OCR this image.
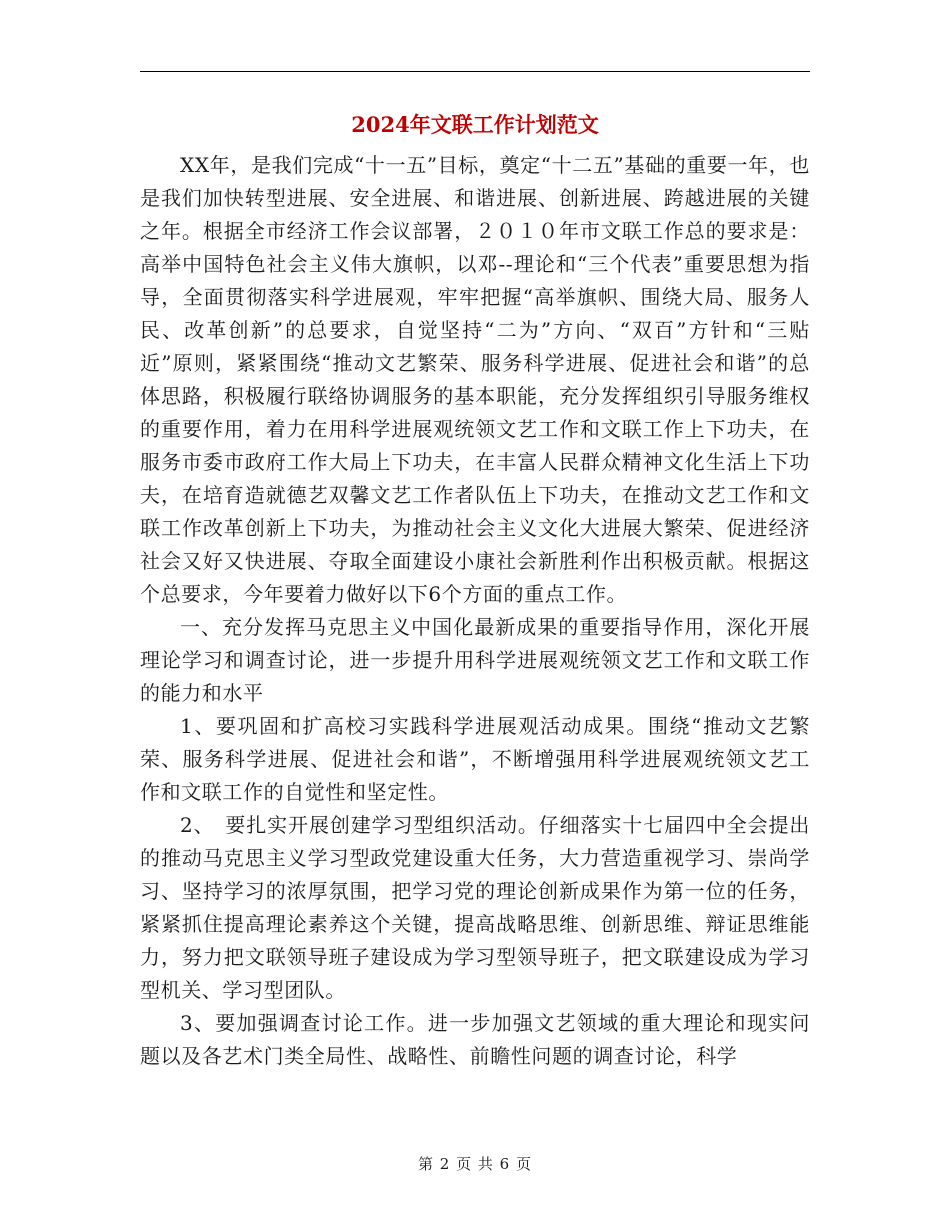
2024年文联工作计划范文

XX年，是我们完成“十一五”目标，奠定“十二五”基础的重要一年，也是我们加快转型进展、安全进展、和谐进展、创新进展、跨越进展的关键之年。根据全市经济工作会议部署，２０１０年市文联工作总的要求是：高举中国特色社会主义伟大旗帜，以邓--理论和“三个代表”重要思想为指导，全面贯彻落实科学进展观，牢牢把握“高举旗帜、围绕大局、服务人民、改革创新”的总要求，自觉坚持“二为”方向、“双百”方针和“三贴近”原则，紧紧围绕“推动文艺繁荣、服务科学进展、促进社会和谐”的总体思路，积极履行联络协调服务的基本职能，充分发挥组织引导服务维权的重要作用，着力在用科学进展观统领文艺工作和文联工作上下功夫，在服务市委市政府工作大局上下功夫，在丰富人民群众精神文化生活上下功夫，在培育造就德艺双馨文艺工作者队伍上下功夫，在推动文艺工作和文联工作改革创新上下功夫，为推动社会主义文化大进展大繁荣、促进经济社会又好又快进展、夺取全面建设小康社会新胜利作出积极贡献。根据这个总要求，今年要着力做好以下6个方面的重点工作。

一、充分发挥马克思主义中国化最新成果的重要指导作用，深化开展理论学习和调查讨论，进一步提升用科学进展观统领文艺工作和文联工作的能力和水平

1、要巩固和扩高校习实践科学进展观活动成果。围绕“推动文艺繁荣、服务科学进展、促进社会和谐”，不断增强用科学进展观统领文艺工作和文联工作的自觉性和坚定性。

2、　要扎实开展创建学习型组织活动。仔细落实十七届四中全会提出的推动马克思主义学习型政党建设重大任务，大力营造重视学习、崇尚学习、坚持学习的浓厚氛围，把学习党的理论创新成果作为第一位的任务，紧紧抓住提高理论素养这个关键，提高战略思维、创新思维、辩证思维能力，努力把文联领导班子建设成为学习型领导班子，把文联建设成为学习型机关、学习型团队。

3、要加强调查讨论工作。进一步加强文艺领域的重大理论和现实问题以及各艺术门类全局性、战略性、前瞻性问题的调查讨论，科学

第 2 页 共 6 页
